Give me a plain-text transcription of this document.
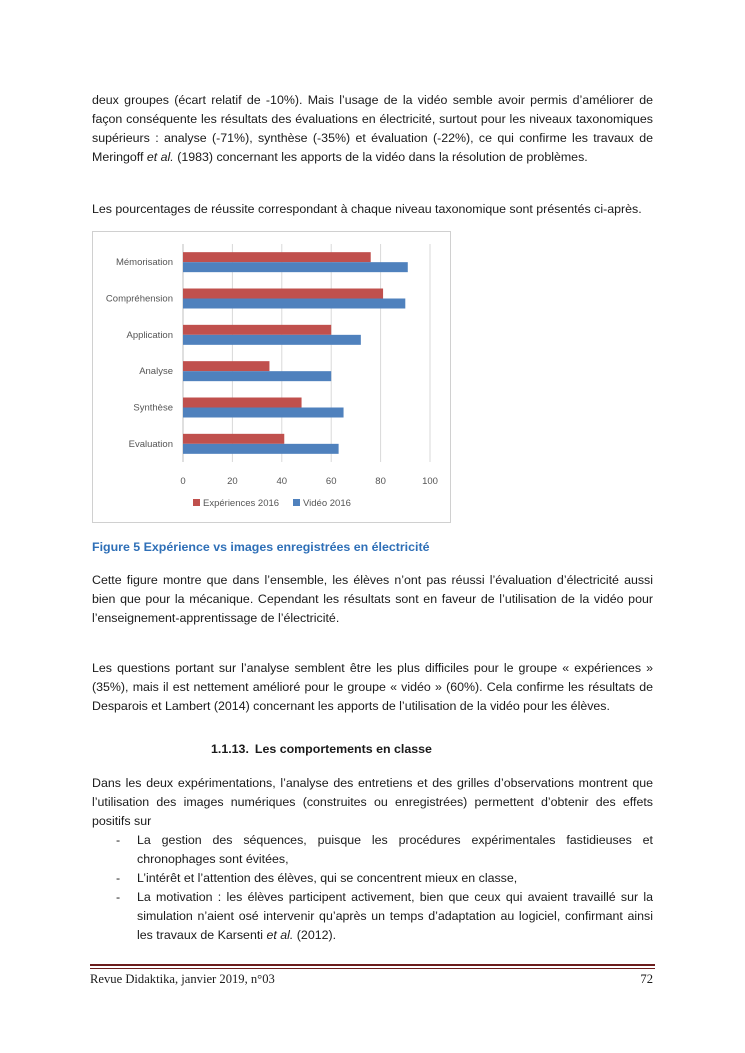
deux groupes (écart relatif de -10%). Mais l’usage de la vidéo semble avoir permis d’améliorer de façon conséquente les résultats des évaluations en électricité, surtout pour les niveaux taxonomiques supérieurs : analyse (-71%), synthèse (-35%) et évaluation (-22%), ce qui confirme les travaux de Meringoff et al. (1983) concernant les apports de la vidéo dans la résolution de problèmes.

Les pourcentages de réussite correspondant à chaque niveau taxonomique sont présentés ci-après.

0	20	40	60	80	100
Mémorisation
Compréhension
Application
Analyse
Synthèse
Evaluation
Expériences 2016	Vidéo 2016

Figure 5 Expérience vs images enregistrées en électricité

Cette figure montre que dans l’ensemble, les élèves n’ont pas réussi l’évaluation d’électricité aussi bien que pour la mécanique. Cependant les résultats sont en faveur de l’utilisation de la vidéo pour l’enseignement-apprentissage de l’électricité.

Les questions portant sur l’analyse semblent être les plus difficiles pour le groupe « expériences » (35%), mais il est nettement amélioré pour le groupe « vidéo » (60%). Cela confirme les résultats de Desparois et Lambert (2014) concernant les apports de l’utilisation de la vidéo pour les élèves.

1.1.13. Les comportements en classe

Dans les deux expérimentations, l’analyse des entretiens et des grilles d’observations montrent que l’utilisation des images numériques (construites ou enregistrées) permettent d’obtenir des effets positifs sur

- La gestion des séquences, puisque les procédures expérimentales fastidieuses et chronophages sont évitées,
- L’intérêt et l’attention des élèves, qui se concentrent mieux en classe,
- La motivation : les élèves participent activement, bien que ceux qui avaient travaillé sur la simulation n’aient osé intervenir qu’après un temps d’adaptation au logiciel, confirmant ainsi les travaux de Karsenti et al. (2012).

Revue Didaktika, janvier 2019, n°03	72
